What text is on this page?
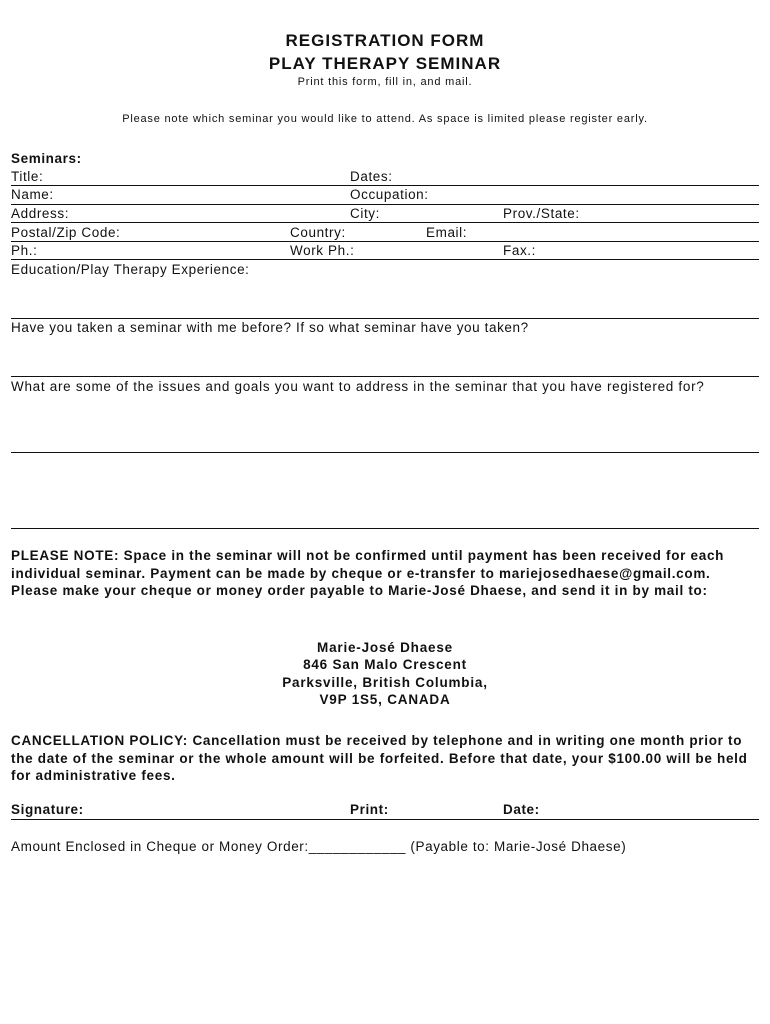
REGISTRATION FORM
PLAY THERAPY SEMINAR
Print this form, fill in, and mail.
Please note which seminar you would like to attend. As space is limited please register early.
Seminars:
Title:	Dates:
Name:	Occupation:
Address:	City:	Prov./State:
Postal/Zip Code:	Country:	Email:
Ph.:	Work Ph.:	Fax.:
Education/Play Therapy Experience:
Have you taken a seminar with me before? If so what seminar have you taken?
What are some of the issues and goals you want to address in the seminar that you have registered for?
PLEASE NOTE: Space in the seminar will not be confirmed until payment has been received for each individual seminar. Payment can be made by cheque or e-transfer to mariejosedhaese@gmail.com. Please make your cheque or money order payable to Marie-José Dhaese, and send it in by mail to:
Marie-José Dhaese
846 San Malo Crescent
Parksville, British Columbia,
V9P 1S5, CANADA
CANCELLATION POLICY: Cancellation must be received by telephone and in writing one month prior to the date of the seminar or the whole amount will be forfeited. Before that date, your $100.00 will be held for administrative fees.
Signature:	Print:	Date:
Amount Enclosed in Cheque or Money Order:____________ (Payable to: Marie-José Dhaese)
